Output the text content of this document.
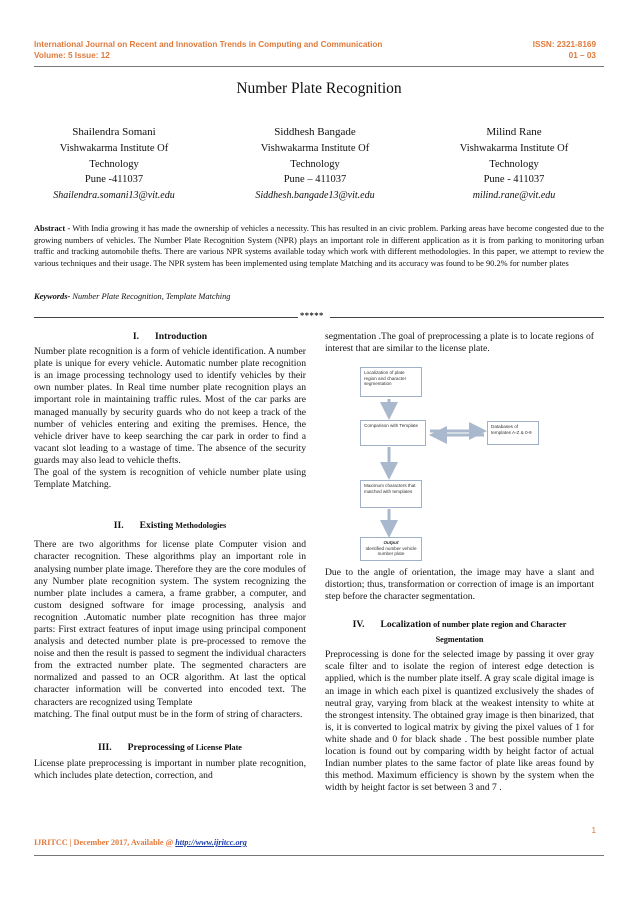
International Journal on Recent and Innovation Trends in Computing and Communication
Volume: 5 Issue: 12
ISSN: 2321-8169
01 – 03
Number Plate Recognition
Shailendra Somani
Vishwakarma Institute Of
Technology
Pune -411037
Shailendra.somani13@vit.edu
Siddhesh Bangade
Vishwakarma Institute Of
Technology
Pune – 411037
Siddhesh.bangade13@vit.edu
Milind Rane
Vishwakarma Institute Of
Technology
Pune - 411037
milind.rane@vit.edu
Abstract - With India growing it has made the ownership of vehicles a necessity. This has resulted in an civic problem. Parking areas have become congested due to the growing numbers of vehicles. The Number Plate Recognition System (NPR) plays an important role in different application as it is from parking to monitoring urban traffic and tracking automobile thefts. There are various NPR systems available today which work with different methodologies. In this paper, we attempt to review the various techniques and their usage. The NPR system has been implemented using template Matching and its accuracy was found to be 90.2% for number plates
Keywords- Number Plate Recognition, Template Matching
*****
I. Introduction

Number plate recognition is a form of vehicle identification. A number plate is unique for every vehicle. Automatic number plate recognition is an image processing technology used to identify vehicles by their own number plates. In Real time number plate recognition plays an important role in maintaining traffic rules. Most of the car parks are managed manually by security guards who do not keep a track of the number of vehicles entering and exiting the premises. Hence, the vehicle driver have to keep searching the car park in order to find a vacant slot leading to a wastage of time. The absence of the security guards may also lead to vehicle thefts.

The goal of the system is recognition of vehicle number plate using Template Matching.

II. Existing Methodologies

There are two algorithms for license plate Computer vision and character recognition. These algorithms play an important role in analysing number plate image. Therefore they are the core modules of any Number plate recognition system. The system recognizing the number plate includes a camera, a frame grabber, a computer, and custom designed software for image processing, analysis and recognition .Automatic number plate recognition has three major parts: First extract features of input image using principal component analysis and detected number plate is pre-processed to remove the noise and then the result is passed to segment the individual characters from the extracted number plate. The segmented characters are normalized and passed to an OCR algorithm. At last the optical character information will be converted into encoded text. The characters are recognized using Template

matching. The final output must be in the form of string of characters.

III. Preprocessing of License Plate

License plate preprocessing is important in number plate recognition, which includes plate detection, correction, and

segmentation .The goal of preprocessing a plate is to locate regions of interest that are similar to the license plate.

Localization of plate region and character segmentation
Comparison with Template	Databases of templates A-Z & 0-9
Maximum characters that matched with templates
Output
Identified number vehicle number plate

Due to the angle of orientation, the image may have a slant and distortion; thus, transformation or correction of image is an important step before the character segmentation.

IV. Localization of number plate region and Character
Segmentation

Preprocessing is done for the selected image by passing it over gray scale filter and to isolate the region of interest edge detection is applied, which is the number plate itself. A gray scale digital image is an image in which each pixel is quantized exclusively the shades of neutral gray, varying from black at the weakest intensity to white at the strongest intensity. The obtained gray image is then binarized, that is, it is converted to logical matrix by giving the pixel values of 1 for white shade and 0 for black shade . The best possible number plate location is found out by comparing width by height factor of actual Indian number plates to the same factor of plate like areas found by this method. Maximum efficiency is shown by the system when the width by height factor is set between 3 and 7 .

1
IJRITCC | December 2017, Available @ http://www.ijritcc.org
